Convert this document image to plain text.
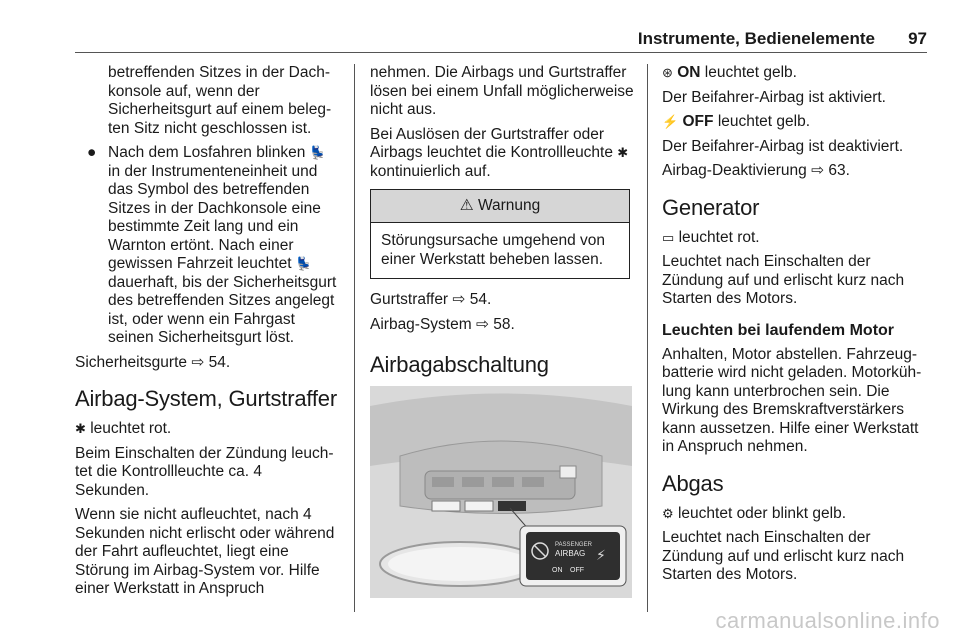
Instrumente, Bedienelemente 97

betreffenden Sitzes in der Dachkonsole auf, wenn der Sicherheitsgurt auf einem belegten Sitz nicht geschlossen ist.

● Nach dem Losfahren blinken 💺 in der Instrumenteneinheit und das Symbol des betreffenden Sitzes in der Dachkonsole eine bestimmte Zeit lang und ein Warnton ertönt. Nach einer gewissen Fahrzeit leuchtet 💺 dauerhaft, bis der Sicherheitsgurt des betreffenden Sitzes angelegt ist, oder wenn ein Fahrgast seinen Sicherheitsgurt löst.

Sicherheitsgurte ⇨ 54.

Airbag-System, Gurtstraffer

✱ leuchtet rot.

Beim Einschalten der Zündung leuchtet die Kontrollleuchte ca. 4 Sekunden.

Wenn sie nicht aufleuchtet, nach 4 Sekunden nicht erlischt oder während der Fahrt aufleuchtet, liegt eine Störung im Airbag-System vor. Hilfe einer Werkstatt in Anspruch

nehmen. Die Airbags und Gurtstraffer lösen bei einem Unfall möglicherweise nicht aus.

Bei Auslösen der Gurtstraffer oder Airbags leuchtet die Kontrollleuchte ✱ kontinuierlich auf.

⚠ Warnung
Störungsursache umgehend von einer Werkstatt beheben lassen.

Gurtstraffer ⇨ 54.

Airbag-System ⇨ 58.

Airbagabschaltung
PASSENGER
AIRBAG
ON OFF
⚡

⊛ ON leuchtet gelb.

Der Beifahrer-Airbag ist aktiviert.

⚡ OFF leuchtet gelb.

Der Beifahrer-Airbag ist deaktiviert.

Airbag-Deaktivierung ⇨ 63.

Generator

▭ leuchtet rot.

Leuchtet nach Einschalten der Zündung auf und erlischt kurz nach Starten des Motors.

Leuchten bei laufendem Motor

Anhalten, Motor abstellen. Fahrzeugbatterie wird nicht geladen. Motorkühlung kann unterbrochen sein. Die Wirkung des Bremskraftverstärkers kann aussetzen. Hilfe einer Werkstatt in Anspruch nehmen.

Abgas

⚙ leuchtet oder blinkt gelb.

Leuchtet nach Einschalten der Zündung auf und erlischt kurz nach Starten des Motors.

carmanualsonline.info
